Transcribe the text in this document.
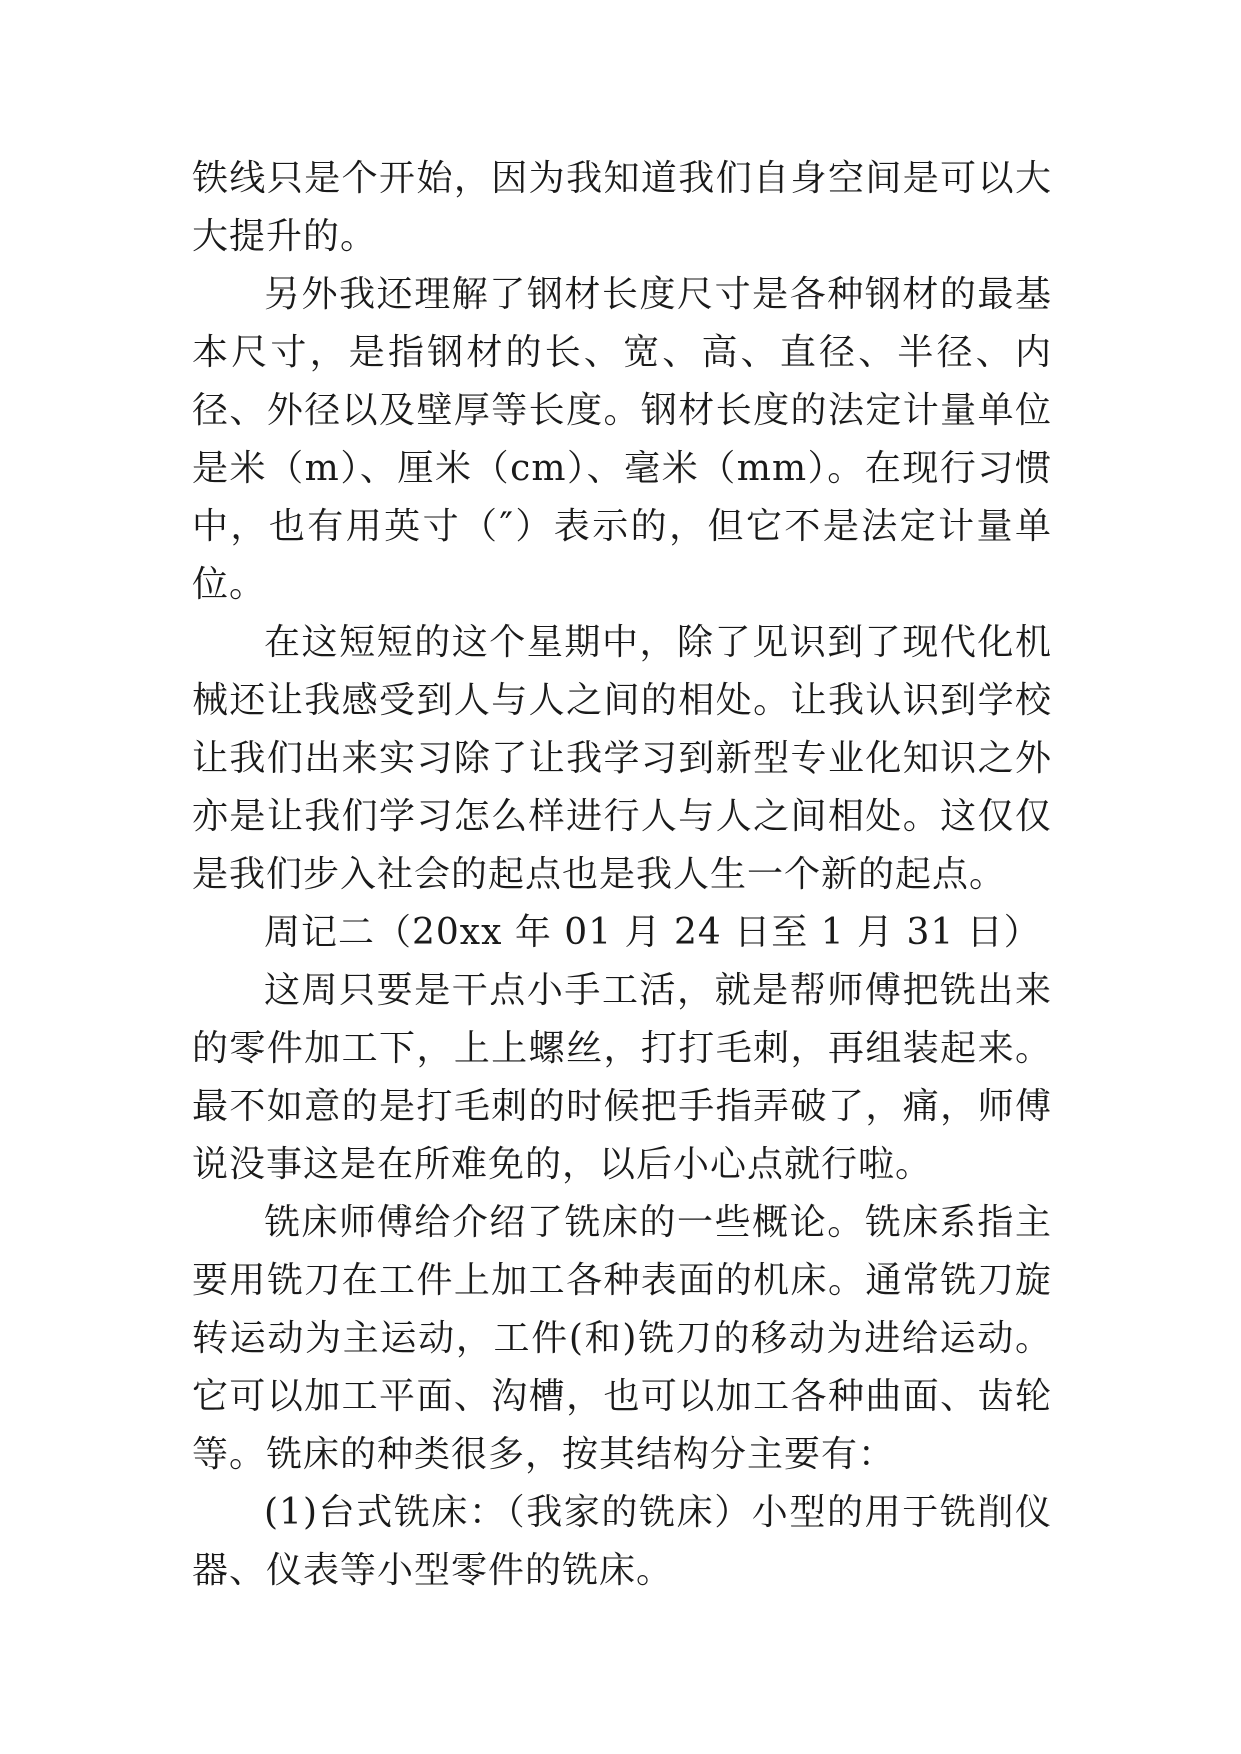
铁线只是个开始，因为我知道我们自身空间是可以大大提升的。

另外我还理解了钢材长度尺寸是各种钢材的最基本尺寸，是指钢材的长、宽、高、直径、半径、内径、外径以及壁厚等长度。钢材长度的法定计量单位是米（m）、厘米（cm）、毫米（mm）。在现行习惯中，也有用英寸（″）表示的，但它不是法定计量单位。

在这短短的这个星期中，除了见识到了现代化机械还让我感受到人与人之间的相处。让我认识到学校让我们出来实习除了让我学习到新型专业化知识之外亦是让我们学习怎么样进行人与人之间相处。这仅仅是我们步入社会的起点也是我人生一个新的起点。

周记二（20xx 年 01 月 24 日至 1 月 31 日）

这周只要是干点小手工活，就是帮师傅把铣出来的零件加工下，上上螺丝，打打毛刺，再组装起来。最不如意的是打毛刺的时候把手指弄破了，痛，师傅说没事这是在所难免的，以后小心点就行啦。

铣床师傅给介绍了铣床的一些概论。铣床系指主要用铣刀在工件上加工各种表面的机床。通常铣刀旋转运动为主运动，工件(和)铣刀的移动为进给运动。它可以加工平面、沟槽，也可以加工各种曲面、齿轮等。铣床的种类很多，按其结构分主要有：

(1)台式铣床：（我家的铣床）小型的用于铣削仪器、仪表等小型零件的铣床。
